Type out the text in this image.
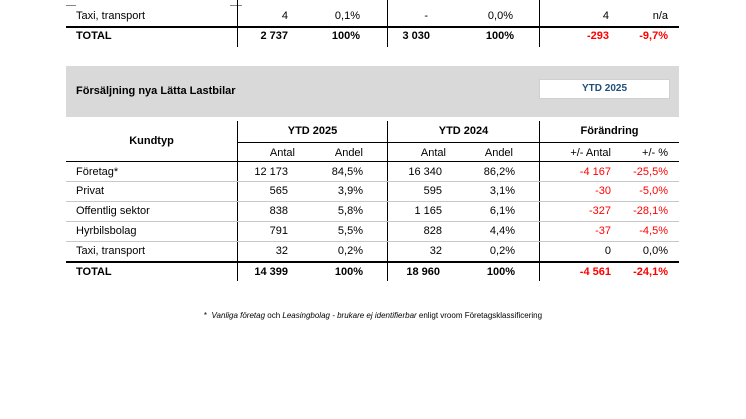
Taxi, transport	4	0,1%	-	0,0%	4	n/a
TOTAL	2 737	100%	3 030	100%	-293	-9,7%
Försäljning nya Lätta Lastbilar	YTD 2025
Kundtyp
YTD 2025	YTD 2024	Förändring
Antal	Andel	Antal	Andel	+/- Antal	+/- %
Företag*	12 173	84,5%	16 340	86,2%	-4 167	-25,5%
Privat	565	3,9%	595	3,1%	-30	-5,0%
Offentlig sektor	838	5,8%	1 165	6,1%	-327	-28,1%
Hyrbilsbolag	791	5,5%	828	4,4%	-37	-4,5%
Taxi, transport	32	0,2%	32	0,2%	0	0,0%
TOTAL	14 399	100%	18 960	100%	-4 561	-24,1%
* Vanliga företag och Leasingbolag - brukare ej identifierbar enligt vroom Företagsklassificering
